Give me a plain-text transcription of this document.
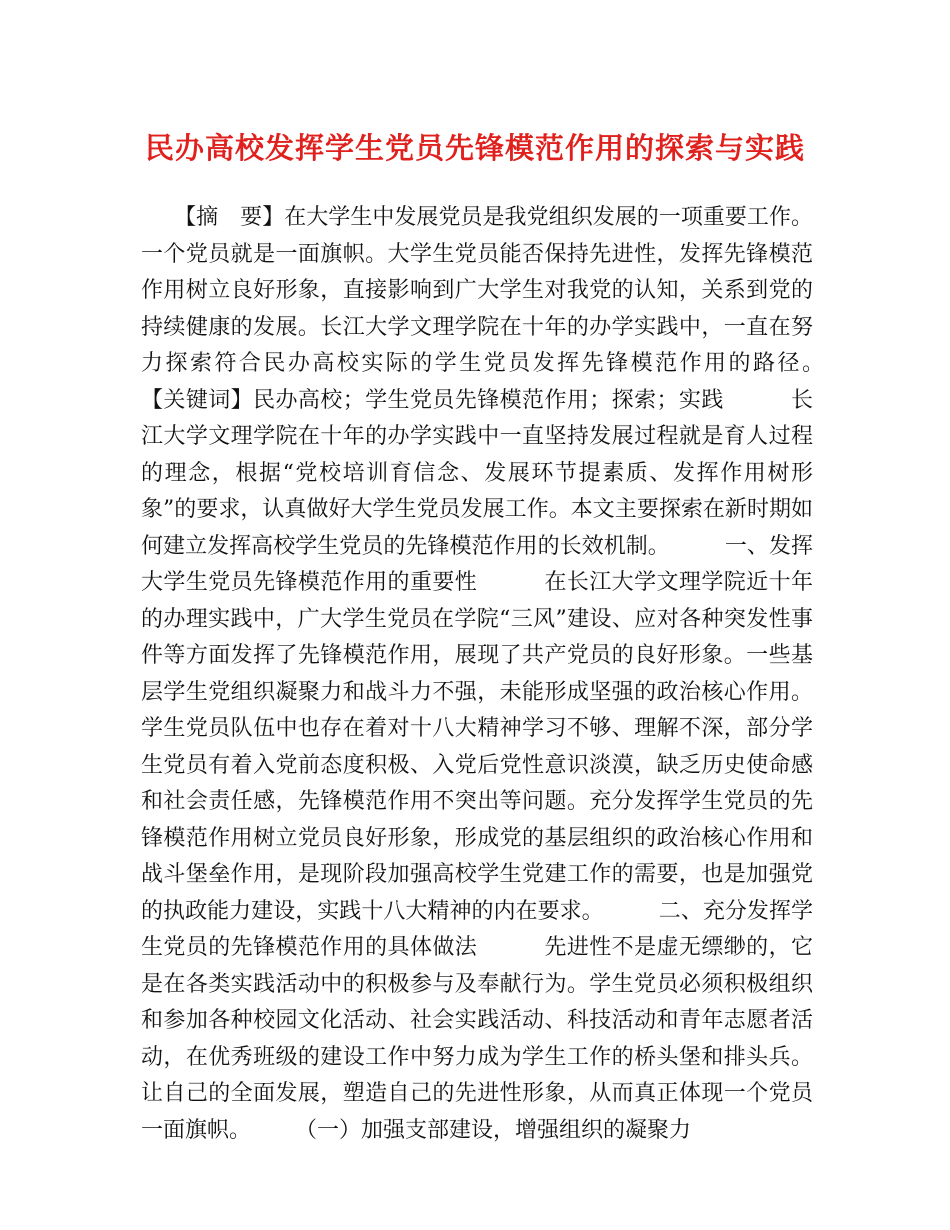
民办高校发挥学生党员先锋模范作用的探索与实践

　　【摘　要】在大学生中发展党员是我党组织发展的一项重要工作。一个党员就是一面旗帜。大学生党员能否保持先进性，发挥先锋模范作用树立良好形象，直接影响到广大学生对我党的认知，关系到党的持续健康的发展。长江大学文理学院在十年的办学实践中，一直在努力探索符合民办高校实际的学生党员发挥先锋模范作用的路径。　　　【关键词】民办高校；学生党员先锋模范作用；探索；实践　　　长江大学文理学院在十年的办学实践中一直坚持发展过程就是育人过程的理念，根据“党校培训育信念、发展环节提素质、发挥作用树形象”的要求，认真做好大学生党员发展工作。本文主要探索在新时期如何建立发挥高校学生党员的先锋模范作用的长效机制。　　　一、发挥大学生党员先锋模范作用的重要性　　　在长江大学文理学院近十年的办理实践中，广大学生党员在学院“三风”建设、应对各种突发性事件等方面发挥了先锋模范作用，展现了共产党员的良好形象。一些基层学生党组织凝聚力和战斗力不强，未能形成坚强的政治核心作用。学生党员队伍中也存在着对十八大精神学习不够、理解不深，部分学生党员有着入党前态度积极、入党后党性意识淡漠，缺乏历史使命感和社会责任感，先锋模范作用不突出等问题。充分发挥学生党员的先锋模范作用树立党员良好形象，形成党的基层组织的政治核心作用和战斗堡垒作用，是现阶段加强高校学生党建工作的需要，也是加强党的执政能力建设，实践十八大精神的内在要求。　　　二、充分发挥学生党员的先锋模范作用的具体做法　　　先进性不是虚无缥缈的，它是在各类实践活动中的积极参与及奉献行为。学生党员必须积极组织和参加各种校园文化活动、社会实践活动、科技活动和青年志愿者活动，在优秀班级的建设工作中努力成为学生工作的桥头堡和排头兵。让自己的全面发展，塑造自己的先进性形象，从而真正体现一个党员一面旗帜。　　　（一）加强支部建设，增强组织的凝聚力
